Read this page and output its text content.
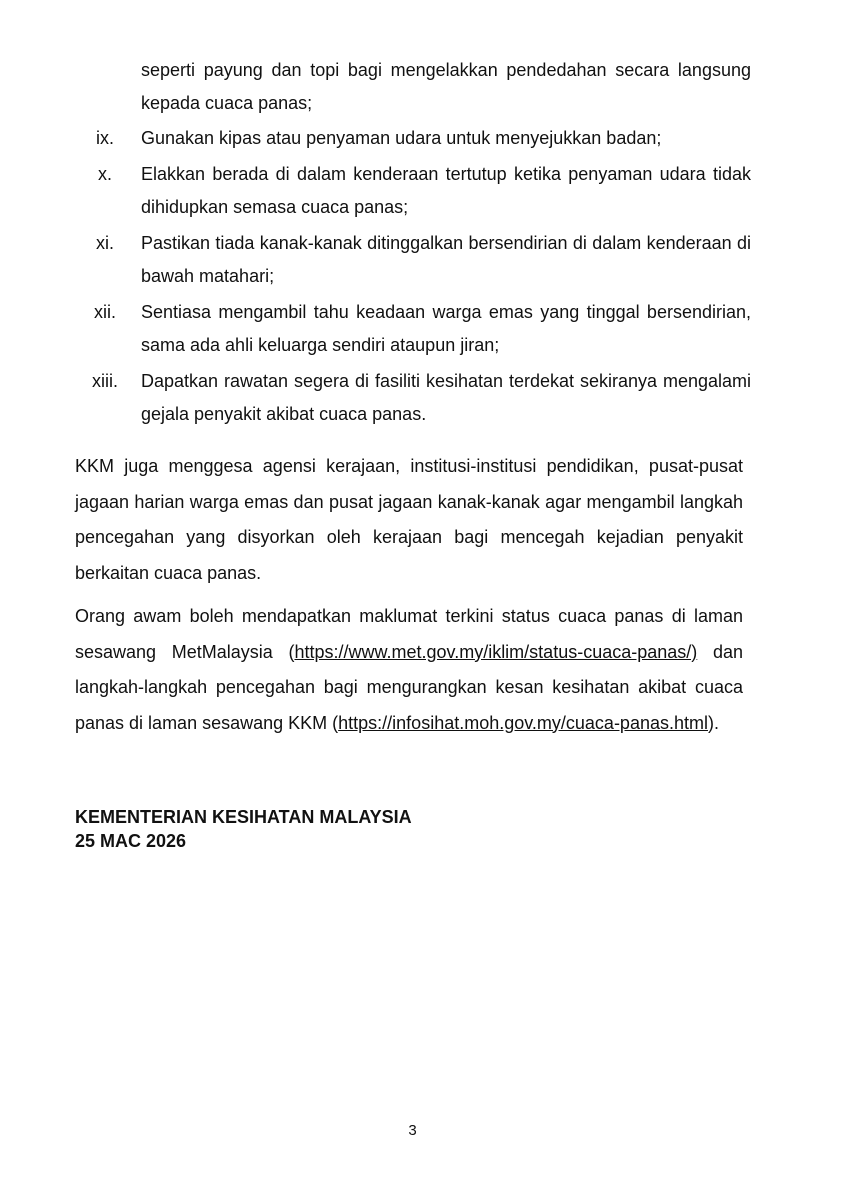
seperti payung dan topi bagi mengelakkan pendedahan secara langsung kepada cuaca panas;
ix.	Gunakan kipas atau penyaman udara untuk menyejukkan badan;
x.	Elakkan berada di dalam kenderaan tertutup ketika penyaman udara tidak dihidupkan semasa cuaca panas;
xi.	Pastikan tiada kanak-kanak ditinggalkan bersendirian di dalam kenderaan di bawah matahari;
xii.	Sentiasa mengambil tahu keadaan warga emas yang tinggal bersendirian, sama ada ahli keluarga sendiri ataupun jiran;
xiii.	Dapatkan rawatan segera di fasiliti kesihatan terdekat sekiranya mengalami gejala penyakit akibat cuaca panas.

KKM juga menggesa agensi kerajaan, institusi-institusi pendidikan, pusat-pusat jagaan harian warga emas dan pusat jagaan kanak-kanak agar mengambil langkah pencegahan yang disyorkan oleh kerajaan bagi mencegah kejadian penyakit berkaitan cuaca panas.

Orang awam boleh mendapatkan maklumat terkini status cuaca panas di laman sesawang MetMalaysia (https://www.met.gov.my/iklim/status-cuaca-panas/) dan langkah-langkah pencegahan bagi mengurangkan kesan kesihatan akibat cuaca panas di laman sesawang KKM (https://infosihat.moh.gov.my/cuaca-panas.html).

KEMENTERIAN KESIHATAN MALAYSIA
25 MAC 2026
3
